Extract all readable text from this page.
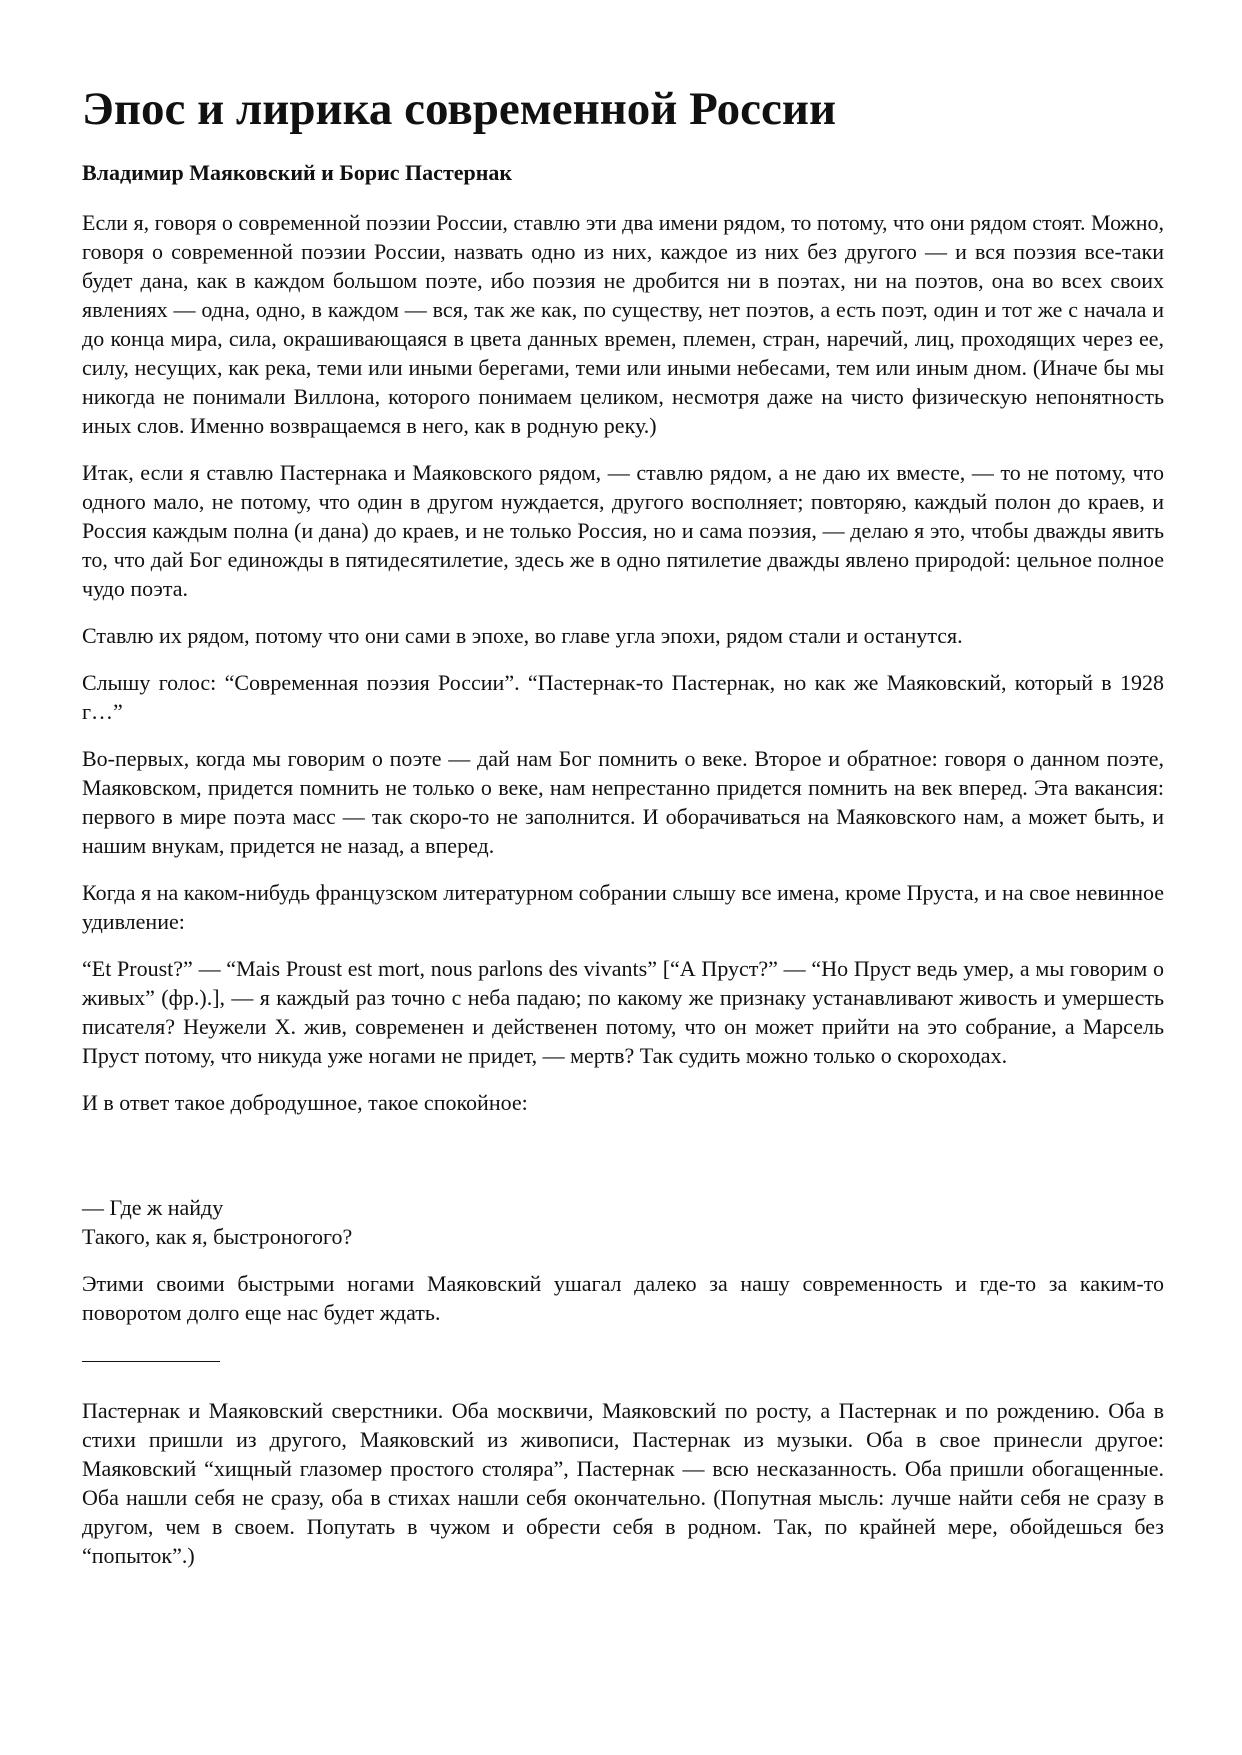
Эпос и лирика современной России
Владимир Маяковский и Борис Пастернак

Если я, говоря о современной поэзии России, ставлю эти два имени рядом, то потому, что они рядом стоят. Можно, говоря о современной поэзии России, назвать одно из них, каждое из них без другого — и вся поэзия все-таки будет дана, как в каждом большом поэте, ибо поэзия не дробится ни в поэтах, ни на поэтов, она во всех своих явлениях — одна, одно, в каждом — вся, так же как, по существу, нет поэтов, а есть поэт, один и тот же с начала и до конца мира, сила, окрашивающаяся в цвета данных времен, племен, стран, наречий, лиц, проходящих через ее, силу, несущих, как река, теми или иными берегами, теми или иными небесами, тем или иным дном. (Иначе бы мы никогда не понимали Виллона, которого понимаем целиком, несмотря даже на чисто физическую непонятность иных слов. Именно возвращаемся в него, как в родную реку.)

Итак, если я ставлю Пастернака и Маяковского рядом, — ставлю рядом, а не даю их вместе, — то не потому, что одного мало, не потому, что один в другом нуждается, другого восполняет; повторяю, каждый полон до краев, и Россия каждым полна (и дана) до краев, и не только Россия, но и сама поэзия, — делаю я это, чтобы дважды явить то, что дай Бог единожды в пятидесятилетие, здесь же в одно пятилетие дважды явлено природой: цельное полное чудо поэта.

Ставлю их рядом, потому что они сами в эпохе, во главе угла эпохи, рядом стали и останутся.

Слышу голос: “Современная поэзия России”. “Пастернак-то Пастернак, но как же Маяковский, который в 1928 г…”

Во-первых, когда мы говорим о поэте — дай нам Бог помнить о веке. Второе и обратное: говоря о данном поэте, Маяковском, придется помнить не только о веке, нам непрестанно придется помнить на век вперед. Эта вакансия: первого в мире поэта масс — так скоро-то не заполнится. И оборачиваться на Маяковского нам, а может быть, и нашим внукам, придется не назад, а вперед.

Когда я на каком-нибудь французском литературном собрании слышу все имена, кроме Пруста, и на свое невинное удивление:

“Et Proust?” — “Mais Proust est mort, nous parlons des vivants” [“А Пруст?” — “Но Пруст ведь умер, а мы говорим о живых” (фр.).], — я каждый раз точно с неба падаю; по какому же признаку устанавливают живость и умершесть писателя? Неужели Х. жив, современен и действенен потому, что он может прийти на это собрание, а Марсель Пруст потому, что никуда уже ногами не придет, — мертв? Так судить можно только о скороходах.

И в ответ такое добродушное, такое спокойное:

— Где ж найду
Такого, как я, быстроногого?

Этими своими быстрыми ногами Маяковский ушагал далеко за нашу современность и где-то за каким-то поворотом долго еще нас будет ждать.

Пастернак и Маяковский сверстники. Оба москвичи, Маяковский по росту, а Пастернак и по рождению. Оба в стихи пришли из другого, Маяковский из живописи, Пастернак из музыки. Оба в свое принесли другое: Маяковский “хищный глазомер простого столяра”, Пастернак — всю несказанность. Оба пришли обогащенные. Оба нашли себя не сразу, оба в стихах нашли себя окончательно. (Попутная мысль: лучше найти себя не сразу в другом, чем в своем. Попутать в чужом и обрести себя в родном. Так, по крайней мере, обойдешься без “попыток”.)
